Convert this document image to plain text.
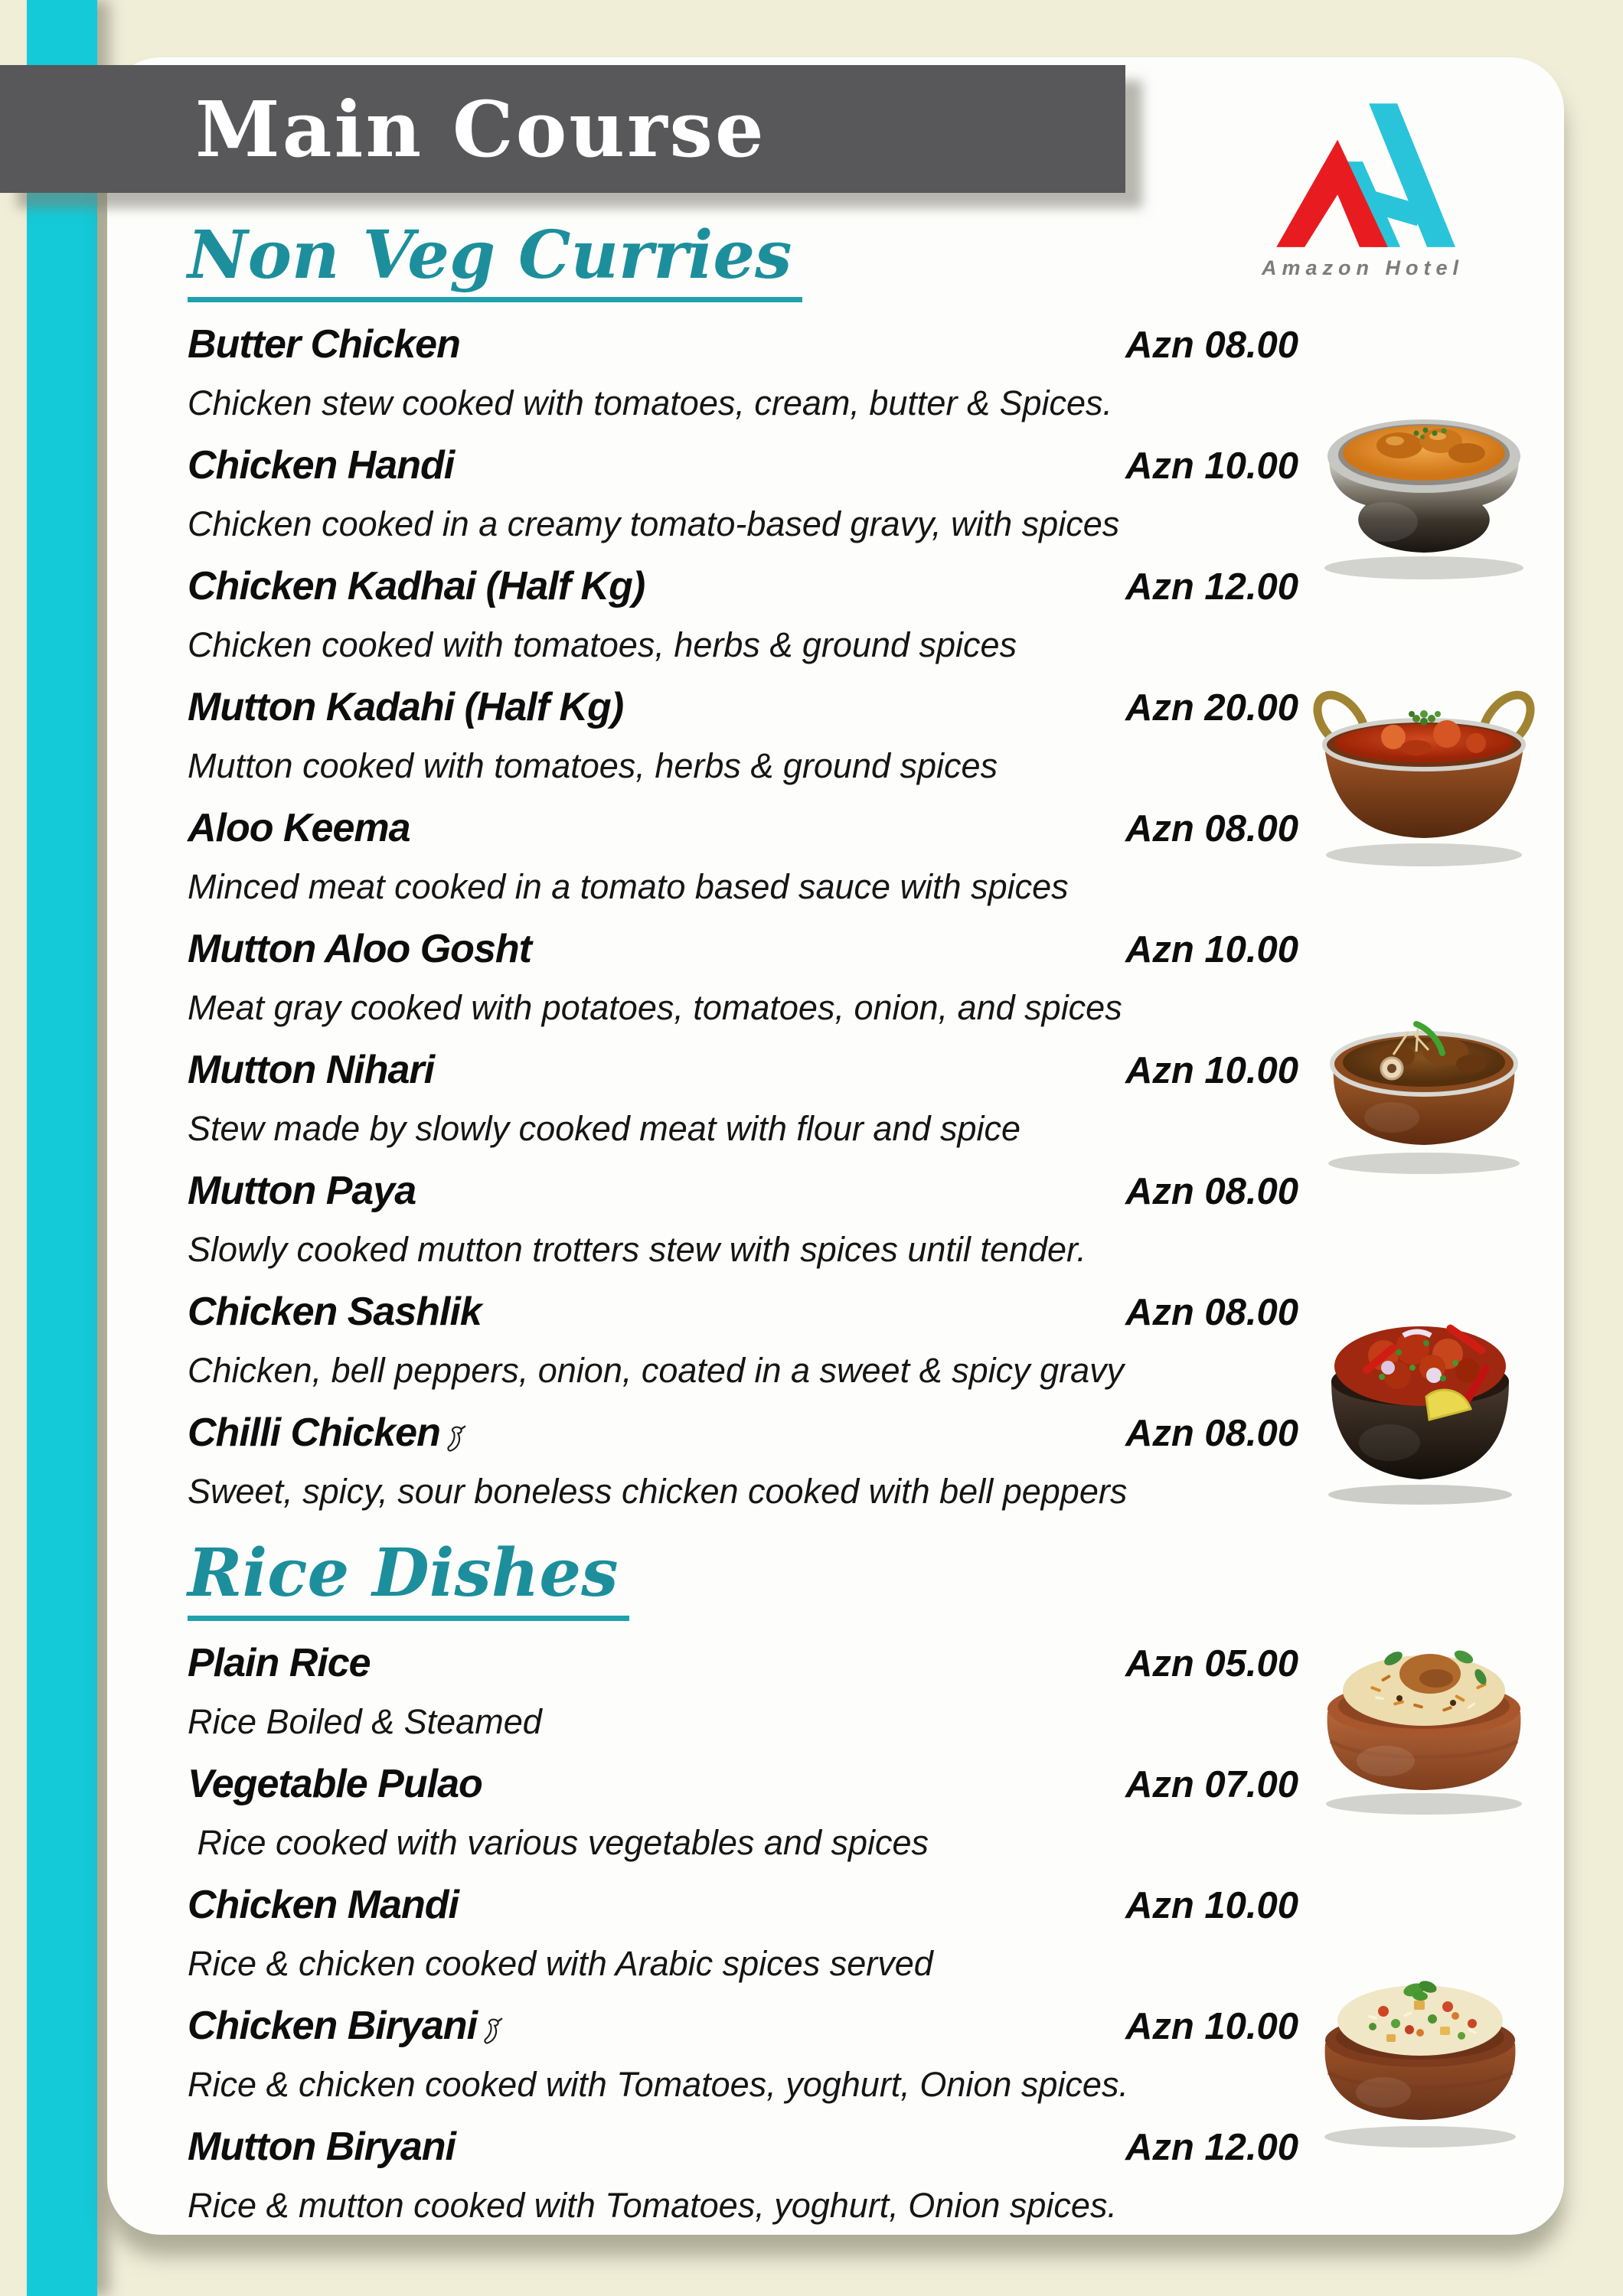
Amazon Hotel
Non Veg Curries
Butter Chicken	Azn 08.00
Chicken stew cooked with tomatoes, cream, butter & Spices.
Chicken Handi	Azn 10.00
Chicken cooked in a creamy tomato-based gravy, with spices
Chicken Kadhai (Half Kg)	Azn 12.00
Chicken cooked with tomatoes, herbs & ground spices
Mutton Kadahi (Half Kg)	Azn 20.00
Mutton cooked with tomatoes, herbs & ground spices
Aloo Keema	Azn 08.00
Minced meat cooked in a tomato based sauce with spices
Mutton Aloo Gosht	Azn 10.00
Meat gray cooked with potatoes, tomatoes, onion, and spices
Mutton Nihari	Azn 10.00
Stew made by slowly cooked meat with flour and spice
Mutton Paya	Azn 08.00
Slowly cooked mutton trotters stew with spices until tender.
Chicken Sashlik	Azn 08.00
Chicken, bell peppers, onion, coated in a sweet & spicy gravy
Chilli Chicken	Azn 08.00
Sweet, spicy, sour boneless chicken cooked with bell peppers
Rice Dishes
Plain Rice	Azn 05.00
Rice Boiled & Steamed
Vegetable Pulao	Azn 07.00
Rice cooked with various vegetables and spices
Chicken Mandi	Azn 10.00
Rice & chicken cooked with Arabic spices served
Chicken Biryani	Azn 10.00
Rice & chicken cooked with Tomatoes, yoghurt, Onion spices.
Mutton Biryani	Azn 12.00
Rice & mutton cooked with Tomatoes, yoghurt, Onion spices.
Main Course
